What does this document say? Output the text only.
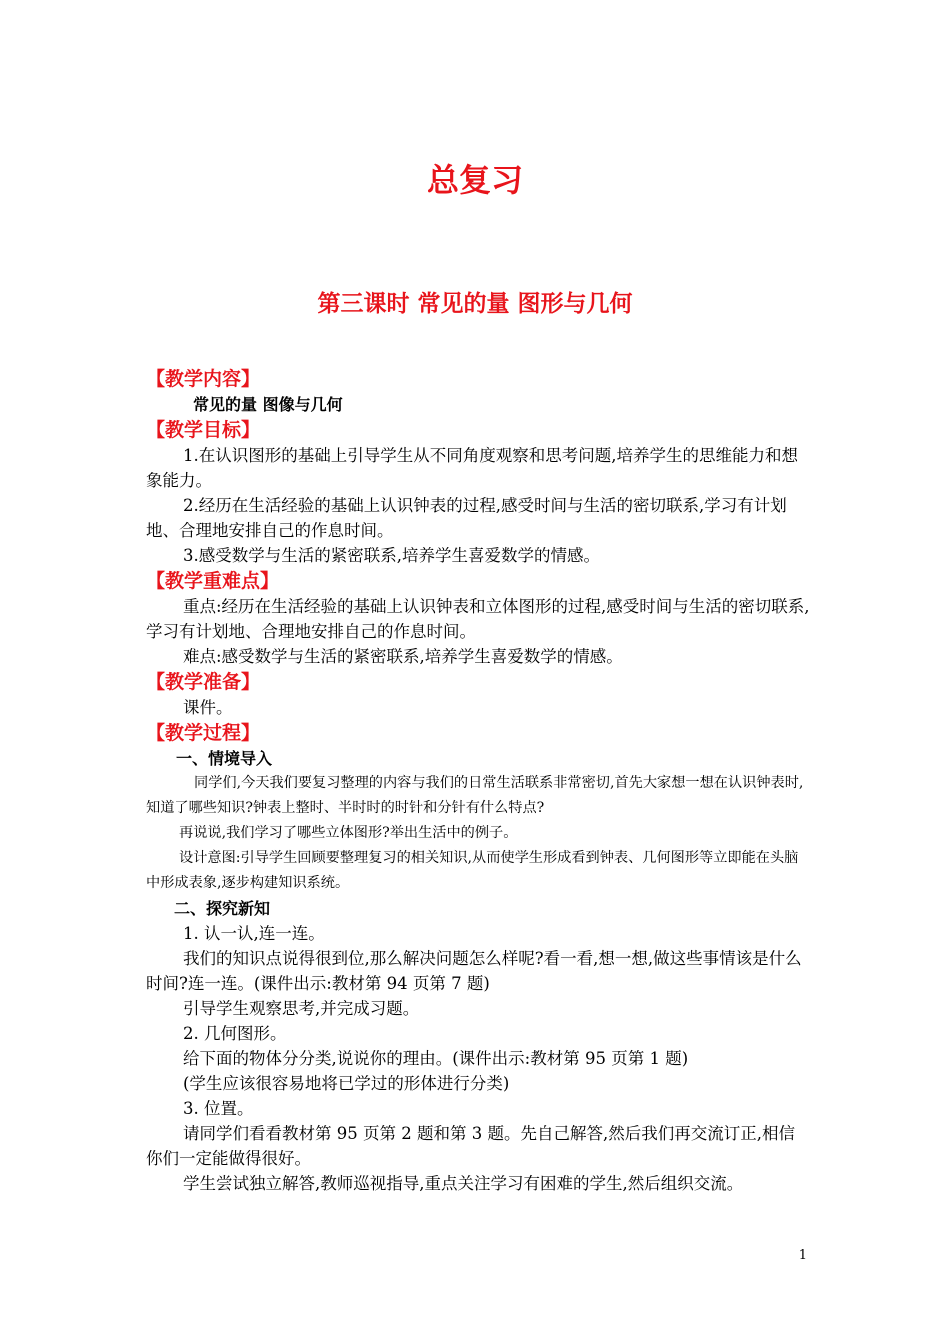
总复习
第三课时 常见的量 图形与几何
【教学内容】
常见的量 图像与几何
【教学目标】
1.在认识图形的基础上引导学生从不同角度观察和思考问题,培养学生的思维能力和想象能力。
2.经历在生活经验的基础上认识钟表的过程,感受时间与生活的密切联系,学习有计划地、合理地安排自己的作息时间。
3.感受数学与生活的紧密联系,培养学生喜爱数学的情感。
【教学重难点】
重点:经历在生活经验的基础上认识钟表和立体图形的过程,感受时间与生活的密切联系,学习有计划地、合理地安排自己的作息时间。
难点:感受数学与生活的紧密联系,培养学生喜爱数学的情感。
【教学准备】
课件。
【教学过程】
一、情境导入
同学们,今天我们要复习整理的内容与我们的日常生活联系非常密切,首先大家想一想在认识钟表时,知道了哪些知识?钟表上整时、半时时的时针和分针有什么特点?
再说说,我们学习了哪些立体图形?举出生活中的例子。
设计意图:引导学生回顾要整理复习的相关知识,从而使学生形成看到钟表、几何图形等立即能在头脑中形成表象,逐步构建知识系统。
二、探究新知
1. 认一认,连一连。
我们的知识点说得很到位,那么解决问题怎么样呢?看一看,想一想,做这些事情该是什么时间?连一连。(课件出示:教材第 94 页第 7 题)
引导学生观察思考,并完成习题。
2. 几何图形。
给下面的物体分分类,说说你的理由。(课件出示:教材第 95 页第 1 题)
(学生应该很容易地将已学过的形体进行分类)
3. 位置。
请同学们看看教材第 95 页第 2 题和第 3 题。先自己解答,然后我们再交流订正,相信你们一定能做得很好。
学生尝试独立解答,教师巡视指导,重点关注学习有困难的学生,然后组织交流。
1
